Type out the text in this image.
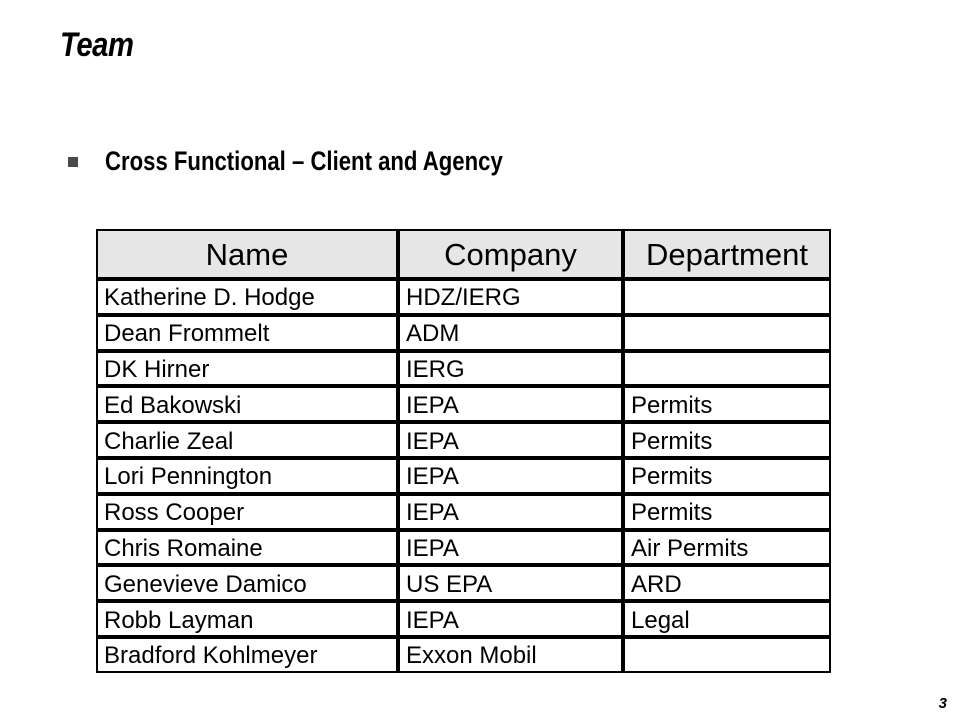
Team
Cross Functional – Client and Agency
Name	Company	Department
Katherine D. Hodge	HDZ/IERG
Dean Frommelt	ADM
DK Hirner	IERG
Ed Bakowski	IEPA	Permits
Charlie Zeal	IEPA	Permits
Lori Pennington	IEPA	Permits
Ross Cooper	IEPA	Permits
Chris Romaine	IEPA	Air Permits
Genevieve Damico	US EPA	ARD
Robb Layman	IEPA	Legal
Bradford Kohlmeyer	Exxon Mobil
3
